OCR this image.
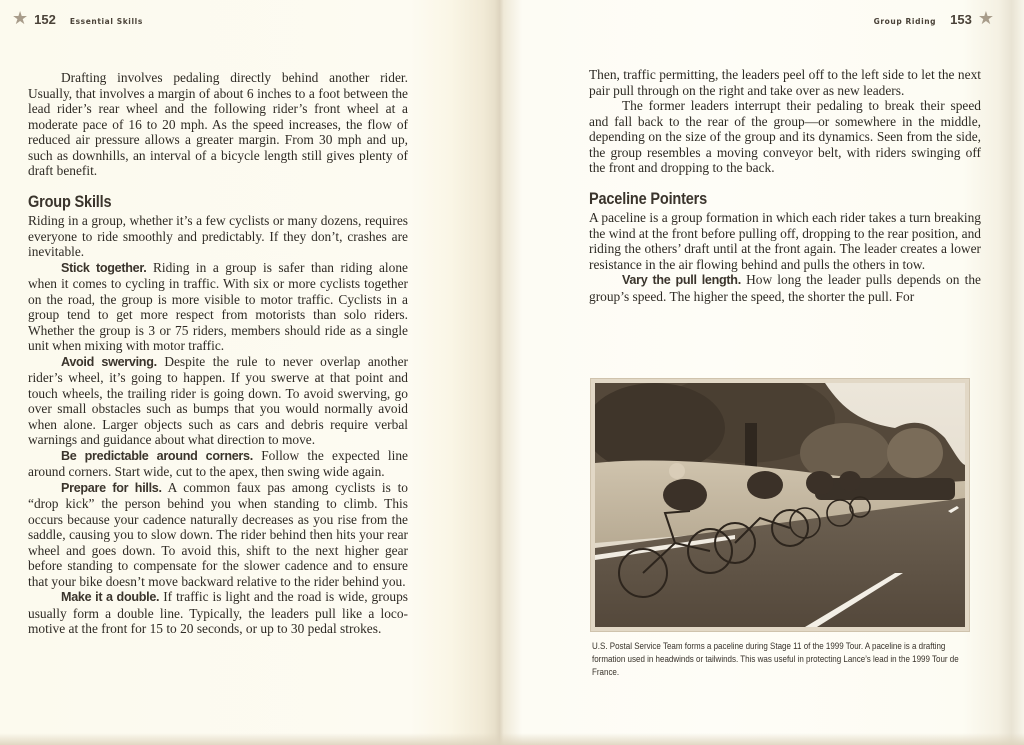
★ 152 Essential Skills

Drafting involves pedaling directly behind another rider. Usually, that involves a margin of about 6 inches to a foot between the lead rider’s rear wheel and the following rider’s front wheel at a moderate pace of 16 to 20 mph. As the speed increases, the flow of reduced air pressure allows a greater margin. From 30 mph and up, such as downhills, an interval of a bicycle length still gives plenty of draft benefit.

Group Skills

Riding in a group, whether it’s a few cyclists or many dozens, requires everyone to ride smoothly and predictably. If they don’t, crashes are inevitable.

Stick together. Riding in a group is safer than riding alone when it comes to cycling in traffic. With six or more cyclists together on the road, the group is more visible to motor traffic. Cyclists in a group tend to get more respect from motorists than solo riders. Whether the group is 3 or 75 riders, members should ride as a single unit when mixing with motor traffic.

Avoid swerving. Despite the rule to never overlap another rider’s wheel, it’s going to happen. If you swerve at that point and touch wheels, the trailing rider is going down. To avoid swerving, go over small obstacles such as bumps that you would normally avoid when alone. Larger objects such as cars and debris require verbal warnings and guidance about what direction to move.

Be predictable around corners. Follow the expected line around corners. Start wide, cut to the apex, then swing wide again.

Prepare for hills. A common faux pas among cyclists is to “drop kick” the person behind you when standing to climb. This occurs because your cadence naturally decreases as you rise from the saddle, causing you to slow down. The rider behind then hits your rear wheel and goes down. To avoid this, shift to the next higher gear before standing to compensate for the slower cadence and to ensure that your bike doesn’t move backward relative to the rider behind you.

Make it a double. If traffic is light and the road is wide, groups usually form a double line. Typically, the leaders pull like a locomotive at the front for 15 to 20 seconds, or up to 30 pedal strokes.

Group Riding 153 ★

Then, traffic permitting, the leaders peel off to the left side to let the next pair pull through on the right and take over as new leaders.

The former leaders interrupt their pedaling to break their speed and fall back to the rear of the group—or somewhere in the middle, depending on the size of the group and its dynamics. Seen from the side, the group resembles a moving conveyor belt, with riders swinging off the front and dropping to the back.

Paceline Pointers

A paceline is a group formation in which each rider takes a turn breaking the wind at the front before pulling off, dropping to the rear position, and riding the others’ draft until at the front again. The leader creates a lower resistance in the air flowing behind and pulls the others in tow.

Vary the pull length. How long the leader pulls depends on the group’s speed. The higher the speed, the shorter the pull. For

U.S. Postal Service Team forms a paceline during Stage 11 of the 1999 Tour. A paceline is a drafting formation used in headwinds or tailwinds. This was useful in protecting Lance’s lead in the 1999 Tour de France.
